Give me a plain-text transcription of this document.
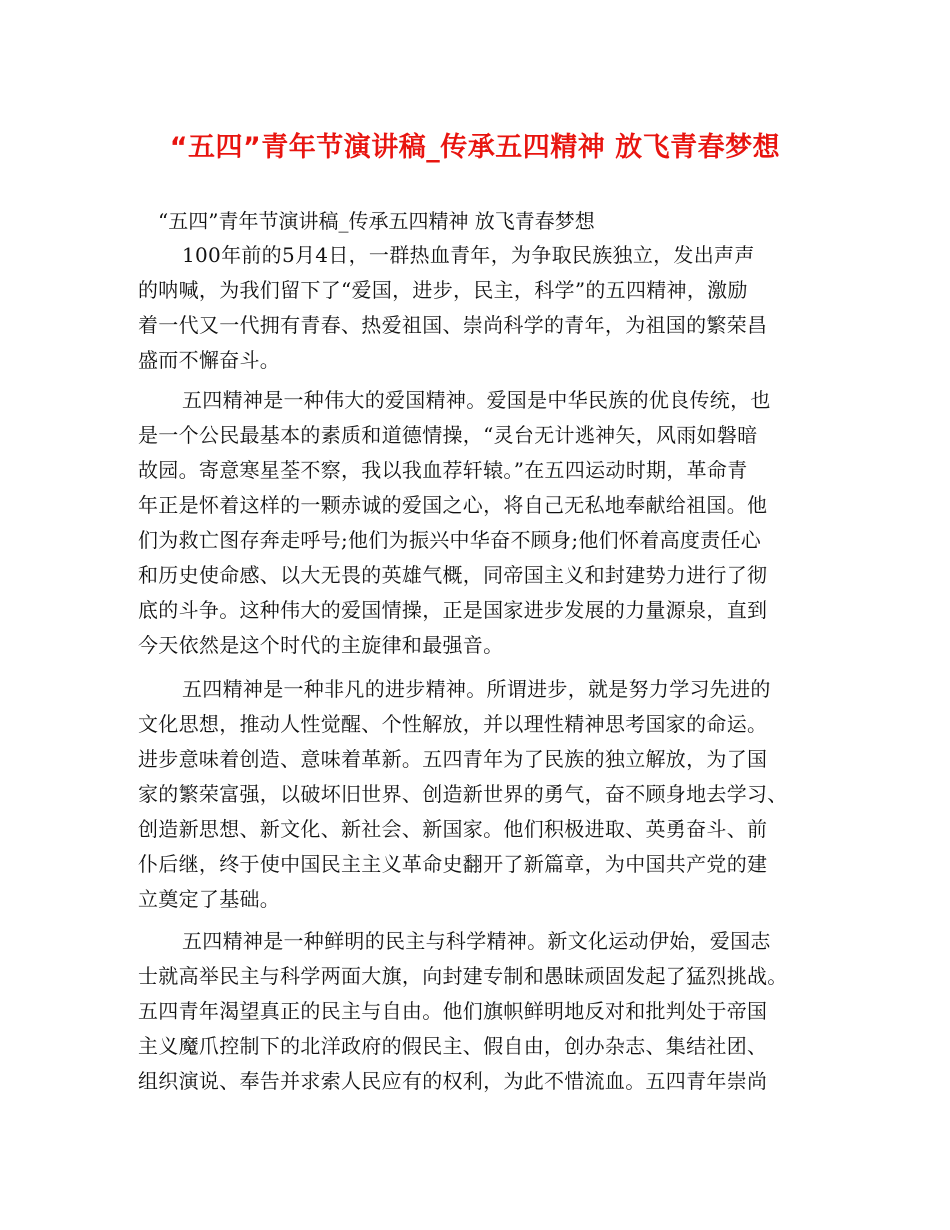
“五四”青年节演讲稿_传承五四精神 放飞青春梦想

“五四”青年节演讲稿_传承五四精神 放飞青春梦想

100年前的5月4日，一群热血青年，为争取民族独立，发出声声
的呐喊，为我们留下了“爱国，进步，民主，科学”的五四精神，激励
着一代又一代拥有青春、热爱祖国、崇尚科学的青年，为祖国的繁荣昌
盛而不懈奋斗。
五四精神是一种伟大的爱国精神。爱国是中华民族的优良传统，也
是一个公民最基本的素质和道德情操，“灵台无计逃神矢，风雨如磐暗
故园。寄意寒星荃不察，我以我血荐轩辕。”在五四运动时期，革命青
年正是怀着这样的一颗赤诚的爱国之心，将自己无私地奉献给祖国。他
们为救亡图存奔走呼号;他们为振兴中华奋不顾身;他们怀着高度责任心
和历史使命感、以大无畏的英雄气概，同帝国主义和封建势力进行了彻
底的斗争。这种伟大的爱国情操，正是国家进步发展的力量源泉，直到
今天依然是这个时代的主旋律和最强音。
五四精神是一种非凡的进步精神。所谓进步，就是努力学习先进的
文化思想，推动人性觉醒、个性解放，并以理性精神思考国家的命运。
进步意味着创造、意味着革新。五四青年为了民族的独立解放，为了国
家的繁荣富强，以破坏旧世界、创造新世界的勇气，奋不顾身地去学习、
创造新思想、新文化、新社会、新国家。他们积极进取、英勇奋斗、前
仆后继，终于使中国民主主义革命史翻开了新篇章，为中国共产党的建
立奠定了基础。
五四精神是一种鲜明的民主与科学精神。新文化运动伊始，爱国志
士就高举民主与科学两面大旗，向封建专制和愚昧顽固发起了猛烈挑战。
五四青年渴望真正的民主与自由。他们旗帜鲜明地反对和批判处于帝国
主义魔爪控制下的北洋政府的假民主、假自由，创办杂志、集结社团、
组织演说、奉告并求索人民应有的权利，为此不惜流血。五四青年崇尚
